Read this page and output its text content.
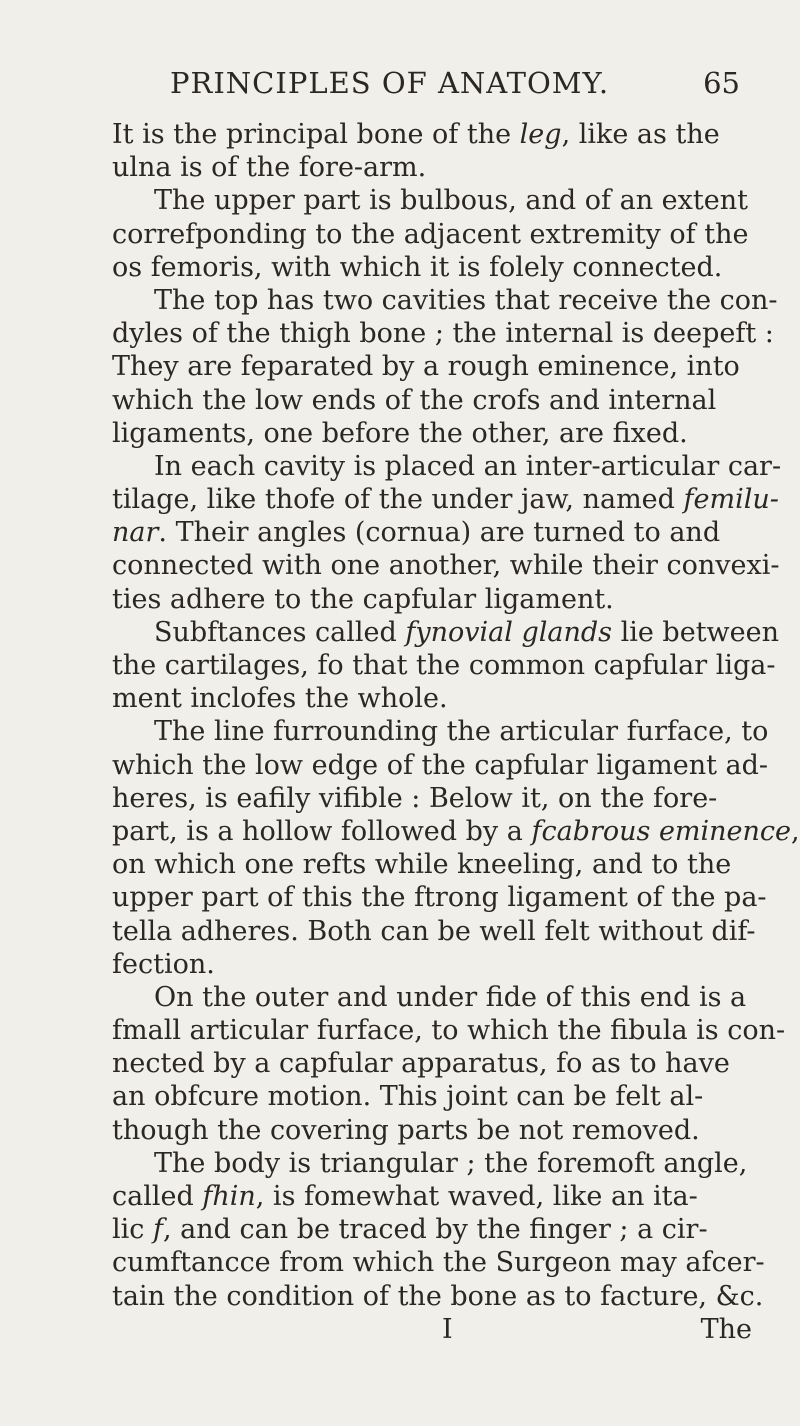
PRINCIPLES OF ANATOMY.	65
It is the principal bone of the leg, like as the
ulna is of the fore-arm.
The upper part is bulbous, and of an extent
correfponding to the adjacent extremity of the
os femoris, with which it is folely connected.
The top has two cavities that receive the con-
dyles of the thigh bone ; the internal is deepeft :
They are feparated by a rough eminence, into
which the low ends of the crofs and internal
ligaments, one before the other, are fixed.
In each cavity is placed an inter-articular car-
tilage, like thofe of the under jaw, named femilu-
nar. Their angles (cornua) are turned to and
connected with one another, while their convexi-
ties adhere to the capfular ligament.
Subftances called fynovial glands lie between
the cartilages, fo that the common capfular liga-
ment inclofes the whole.
The line furrounding the articular furface, to
which the low edge of the capfular ligament ad-
heres, is eafily vifible : Below it, on the fore-
part, is a hollow followed by a fcabrous eminence,
on which one refts while kneeling, and to the
upper part of this the ftrong ligament of the pa-
tella adheres. Both can be well felt without dif-
fection.
On the outer and under fide of this end is a
fmall articular furface, to which the fibula is con-
nected by a capfular apparatus, fo as to have
an obfcure motion. This joint can be felt al-
though the covering parts be not removed.
The body is triangular ; the foremoft angle,
called fhin, is fomewhat waved, like an ita-
lic f, and can be traced by the finger ; a cir-
cumftancce from which the Surgeon may afcer-
tain the condition of the bone as to facture, &c.
I	The
